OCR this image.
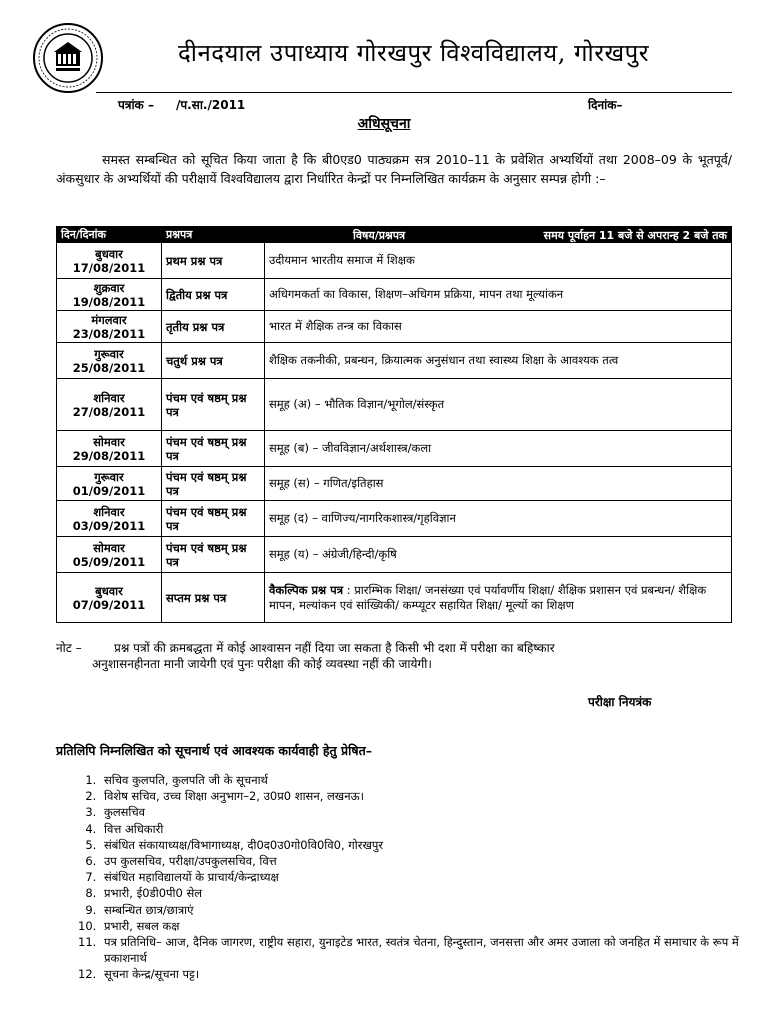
दीनदयाल उपाध्याय गोरखपुर विश्वविद्यालय, गोरखपुर
पत्रांक – /प.सा./2011	दिनांक–
अधिसूचना
समस्त सम्बन्धित को सूचित किया जाता है कि बी0एड0 पाठ्यक्रम सत्र 2010–11 के प्रवेशित अभ्यर्थियों तथा 2008–09 के भूतपूर्व/अंकसुधार के अभ्यर्थियों की परीक्षायें विश्वविद्यालय द्वारा निर्धारित केन्द्रों पर निम्नलिखित कार्यक्रम के अनुसार सम्पन्न होगी :–
दिन/दिनांक	प्रश्नपत्र	विषय/प्रश्नपत्र समय पूर्वाहन 11 बजे से अपरान्ह 2 बजे तक

बुधवार
17/08/2011	प्रथम प्रश्न पत्र	उदीयमान भारतीय समाज में शिक्षक

शुक्रवार
19/08/2011	द्वितीय प्रश्न पत्र	अधिगमकर्ता का विकास, शिक्षण–अधिगम प्रक्रिया, मापन तथा मूल्यांकन

मंगलवार
23/08/2011	तृतीय प्रश्न पत्र	भारत में शैक्षिक तन्त्र का विकास

गुरूवार
25/08/2011	चतुर्थ प्रश्न पत्र	शैक्षिक तकनीकी, प्रबन्धन, क्रियात्मक अनुसंधान तथा स्वास्थ्य शिक्षा के आवश्यक तत्व

शनिवार
27/08/2011	पंचम एवं षष्ठम् प्रश्न पत्र	समूह (अ) – भौतिक विज्ञान/भूगोल/संस्कृत

सोमवार
29/08/2011	पंचम एवं षष्ठम् प्रश्न पत्र	समूह (ब) – जीवविज्ञान/अर्थशास्त्र/कला

गुरूवार
01/09/2011	पंचम एवं षष्ठम् प्रश्न पत्र	समूह (स) – गणित/इतिहास

शनिवार
03/09/2011	पंचम एवं षष्ठम् प्रश्न पत्र	समूह (द) – वाणिज्य/नागरिकशास्त्र/गृहविज्ञान

सोमवार
05/09/2011	पंचम एवं षष्ठम् प्रश्न पत्र	समूह (य) – अंग्रेजी/हिन्दी/कृषि

बुधवार
07/09/2011	सप्तम प्रश्न पत्र	वैकल्पिक प्रश्न पत्र : प्रारम्भिक शिक्षा/ जनसंख्या एवं पर्यावर्णीय शिक्षा/ शैक्षिक प्रशासन एवं प्रबन्धन/ शैक्षिक मापन, मल्यांकन एवं सांख्यिकी/ कम्प्यूटर सहायित शिक्षा/ मूल्यों का शिक्षण
नोट –	प्रश्न पत्रों की क्रमबद्धता में कोई आश्वासन नहीं दिया जा सकता है किसी भी दशा में परीक्षा का बहिष्कार
अनुशासनहीनता मानी जायेगी एवं पुनः परीक्षा की कोई व्यवस्था नहीं की जायेगी।
परीक्षा नियत्रंक
प्रतिलिपि निम्नलिखित को सूचनार्थ एवं आवश्यक कार्यवाही हेतु प्रेषित–
1. सचिव कुलपति, कुलपति जी के सूचनार्थ
2. विशेष सचिव, उच्च शिक्षा अनुभाग–2, उ0प्र0 शासन, लखनऊ।
3. कुलसचिव
4. वित्त अधिकारी
5. संबंधित संकायाध्यक्ष/विभागाध्यक्ष, दी0द0उ0गो0वि0वि0, गोरखपुर
6. उप कुलसचिव, परीक्षा/उपकुलसचिव, वित्त
7. संबंधित महाविद्यालयों के प्राचार्य/केन्द्राध्यक्ष
8. प्रभारी, ई0डी0पी0 सेल
9. सम्बन्धित छात्र/छात्राएं
10. प्रभारी, सबल कक्ष
11. पत्र प्रतिनिधि– आज, दैनिक जागरण, राष्ट्रीय सहारा, युनाइटेड भारत, स्वतंत्र चेतना, हिन्दुस्तान, जनसत्ता और अमर उजाला को जनहित में समाचार के रूप में प्रकाशनार्थ
12. सूचना केन्द्र/सूचना पट्ट।
